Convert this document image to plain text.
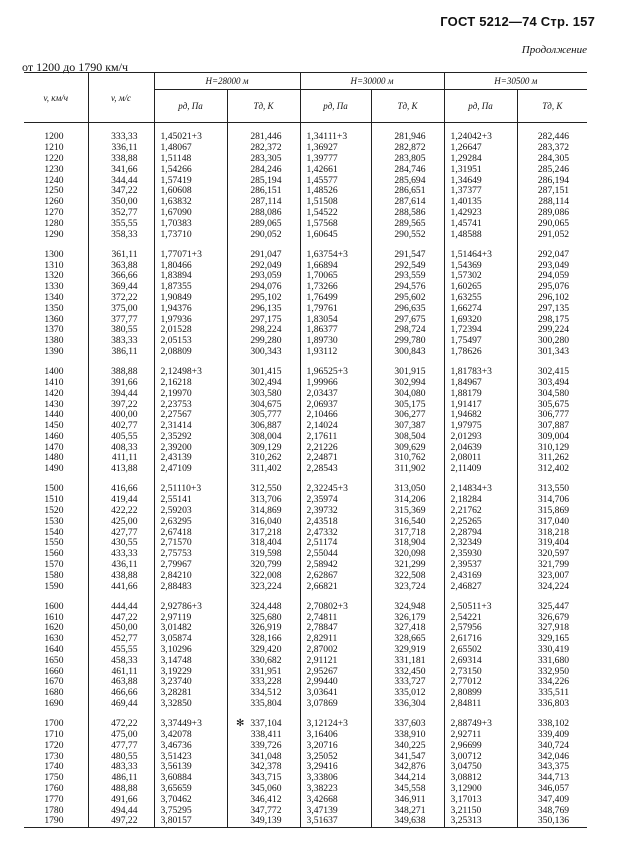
ГОСТ 5212—74 Стр. 157
Продолжение
от 1200 до 1790 км/ч
v, км/ч	v, м/с	H=28000 м		H=30000 м		H=30500 м	
		pд, Па	Tд, К	pд, Па	Tд, К	pд, Па	Tд, К

1200	333,33	1,45021+3	281,446	1,34111+3	281,946	1,24042+3	282,446
1210	336,11	1,48067	282,372	1,36927	282,872	1,26647	283,372
1220	338,88	1,51148	283,305	1,39777	283,805	1,29284	284,305
1230	341,66	1,54266	284,246	1,42661	284,746	1,31951	285,246
1240	344,44	1,57419	285,194	1,45577	285,694	1,34649	286,194
1250	347,22	1,60608	286,151	1,48526	286,651	1,37377	287,151
1260	350,00	1,63832	287,114	1,51508	287,614	1,40135	288,114
1270	352,77	1,67090	288,086	1,54522	288,586	1,42923	289,086
1280	355,55	1,70383	289,065	1,57568	289,565	1,45741	290,065
1290	358,33	1,73710	290,052	1,60645	290,552	1,48588	291,052

1300	361,11	1,77071+3	291,047	1,63754+3	291,547	1,51464+3	292,047
1310	363,88	1,80466	292,049	1,66894	292,549	1,54369	293,049
1320	366,66	1,83894	293,059	1,70065	293,559	1,57302	294,059
1330	369,44	1,87355	294,076	1,73266	294,576	1,60265	295,076
1340	372,22	1,90849	295,102	1,76499	295,602	1,63255	296,102
1350	375,00	1,94376	296,135	1,79761	296,635	1,66274	297,135
1360	377,77	1,97936	297,175	1,83054	297,675	1,69320	298,175
1370	380,55	2,01528	298,224	1,86377	298,724	1,72394	299,224
1380	383,33	2,05153	299,280	1,89730	299,780	1,75497	300,280
1390	386,11	2,08809	300,343	1,93112	300,843	1,78626	301,343

1400	388,88	2,12498+3	301,415	1,96525+3	301,915	1,81783+3	302,415
1410	391,66	2,16218	302,494	1,99966	302,994	1,84967	303,494
1420	394,44	2,19970	303,580	2,03437	304,080	1,88179	304,580
1430	397,22	2,23753	304,675	2,06937	305,175	1,91417	305,675
1440	400,00	2,27567	305,777	2,10466	306,277	1,94682	306,777
1450	402,77	2,31414	306,887	2,14024	307,387	1,97975	307,887
1460	405,55	2,35292	308,004	2,17611	308,504	2,01293	309,004
1470	408,33	2,39200	309,129	2,21226	309,629	2,04639	310,129
1480	411,11	2,43139	310,262	2,24871	310,762	2,08011	311,262
1490	413,88	2,47109	311,402	2,28543	311,902	2,11409	312,402

1500	416,66	2,51110+3	312,550	2,32245+3	313,050	2,14834+3	313,550
1510	419,44	2,55141	313,706	2,35974	314,206	2,18284	314,706
1520	422,22	2,59203	314,869	2,39732	315,369	2,21762	315,869
1530	425,00	2,63295	316,040	2,43518	316,540	2,25265	317,040
1540	427,77	2,67418	317,218	2,47332	317,718	2,28794	318,218
1550	430,55	2,71570	318,404	2,51174	318,904	2,32349	319,404
1560	433,33	2,75753	319,598	2,55044	320,098	2,35930	320,597
1570	436,11	2,79967	320,799	2,58942	321,299	2,39537	321,799
1580	438,88	2,84210	322,008	2,62867	322,508	2,43169	323,007
1590	441,66	2,88483	323,224	2,66821	323,724	2,46827	324,224

1600	444,44	2,92786+3	324,448	2,70802+3	324,948	2,50511+3	325,447
1610	447,22	2,97119	325,680	2,74811	326,179	2,54221	326,679
1620	450,00	3,01482	326,919	2,78847	327,418	2,57956	327,918
1630	452,77	3,05874	328,166	2,82911	328,665	2,61716	329,165
1640	455,55	3,10296	329,420	2,87002	329,919	2,65502	330,419
1650	458,33	3,14748	330,682	2,91121	331,181	2,69314	331,680
1660	461,11	3,19229	331,951	2,95267	332,450	2,73150	332,950
1670	463,88	3,23740	333,228	2,99440	333,727	2,77012	334,226
1680	466,66	3,28281	334,512	3,03641	335,012	2,80899	335,511
1690	469,44	3,32850	335,804	3,07869	336,304	2,84811	336,803

1700	472,22	3,37449+3	337,104	3,12124+3	337,603	2,88749+3	338,102
1710	475,00	3,42078	338,411	3,16406	338,910	2,92711	339,409
1720	477,77	3,46736	339,726	3,20716	340,225	2,96699	340,724
1730	480,55	3,51423	341,048	3,25052	341,547	3,00712	342,046
1740	483,33	3,56139	342,378	3,29416	342,876	3,04750	343,375
1750	486,11	3,60884	343,715	3,33806	344,214	3,08812	344,713
1760	488,88	3,65659	345,060	3,38223	345,558	3,12900	346,057
1770	491,66	3,70462	346,412	3,42668	346,911	3,17013	347,409
1780	494,44	3,75295	347,772	3,47139	348,271	3,21150	348,769
1790	497,22	3,80157	349,139	3,51637	349,638	3,25313	350,136
✻
